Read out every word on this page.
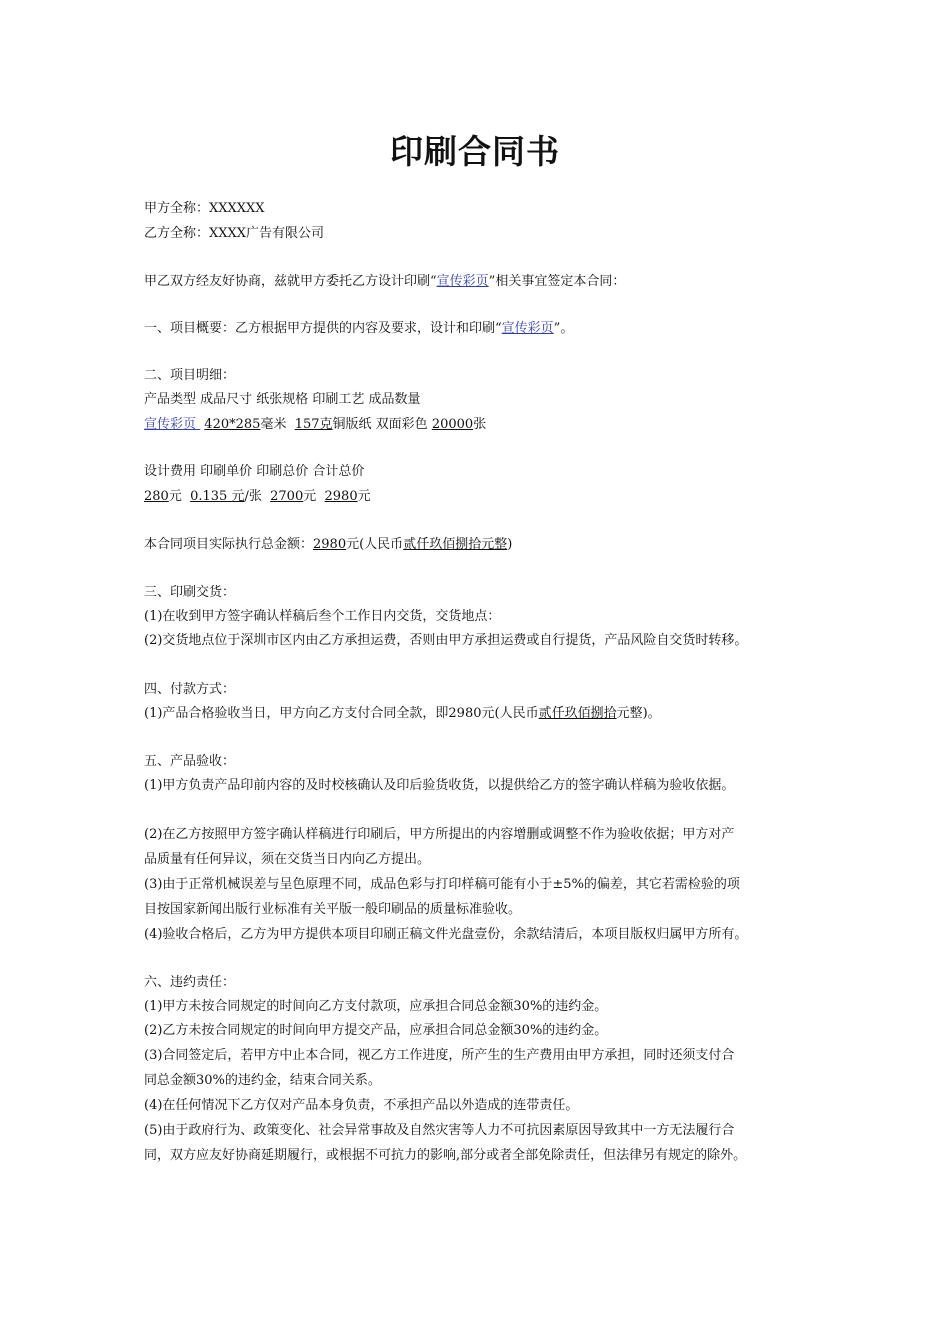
印刷合同书
甲方全称：XXXXXX
乙方全称：XXXX广告有限公司
甲乙双方经友好协商，兹就甲方委托乙方设计印刷“宣传彩页”相关事宜签定本合同：
一、项目概要：乙方根据甲方提供的内容及要求，设计和印刷“宣传彩页”。
二、项目明细：
产品类型 成品尺寸 纸张规格 印刷工艺 成品数量
宣传彩页 420*285毫米 157克铜版纸 双面彩色 20000张
设计费用 印刷单价 印刷总价 合计总价
280元 0.135 元/张 2700元 2980元
本合同项目实际执行总金额：2980元(人民币贰仟玖佰捌拾元整)
三、印刷交货：
(1)在收到甲方签字确认样稿后叁个工作日内交货，交货地点：
(2)交货地点位于深圳市区内由乙方承担运费，否则由甲方承担运费或自行提货，产品风险自交货时转移。
四、付款方式：
(1)产品合格验收当日，甲方向乙方支付合同全款，即2980元(人民币贰仟玖佰捌拾元整)。
五、产品验收：
(1)甲方负责产品印前内容的及时校核确认及印后验货收货，以提供给乙方的签字确认样稿为验收依据。
(2)在乙方按照甲方签字确认样稿进行印刷后，甲方所提出的内容增删或调整不作为验收依据；甲方对产
品质量有任何异议，须在交货当日内向乙方提出。
(3)由于正常机械误差与呈色原理不同，成品色彩与打印样稿可能有小于±5%的偏差，其它若需检验的项
目按国家新闻出版行业标准有关平版一般印刷品的质量标准验收。
(4)验收合格后，乙方为甲方提供本项目印刷正稿文件光盘壹份，余款结清后，本项目版权归属甲方所有。
六、违约责任：
(1)甲方未按合同规定的时间向乙方支付款项，应承担合同总金额30%的违约金。
(2)乙方未按合同规定的时间向甲方提交产品，应承担合同总金额30%的违约金。
(3)合同签定后，若甲方中止本合同，视乙方工作进度，所产生的生产费用由甲方承担，同时还须支付合
同总金额30%的违约金，结束合同关系。
(4)在任何情况下乙方仅对产品本身负责，不承担产品以外造成的连带责任。
(5)由于政府行为、政策变化、社会异常事故及自然灾害等人力不可抗因素原因导致其中一方无法履行合
同，双方应友好协商延期履行，或根据不可抗力的影响,部分或者全部免除责任，但法律另有规定的除外。
